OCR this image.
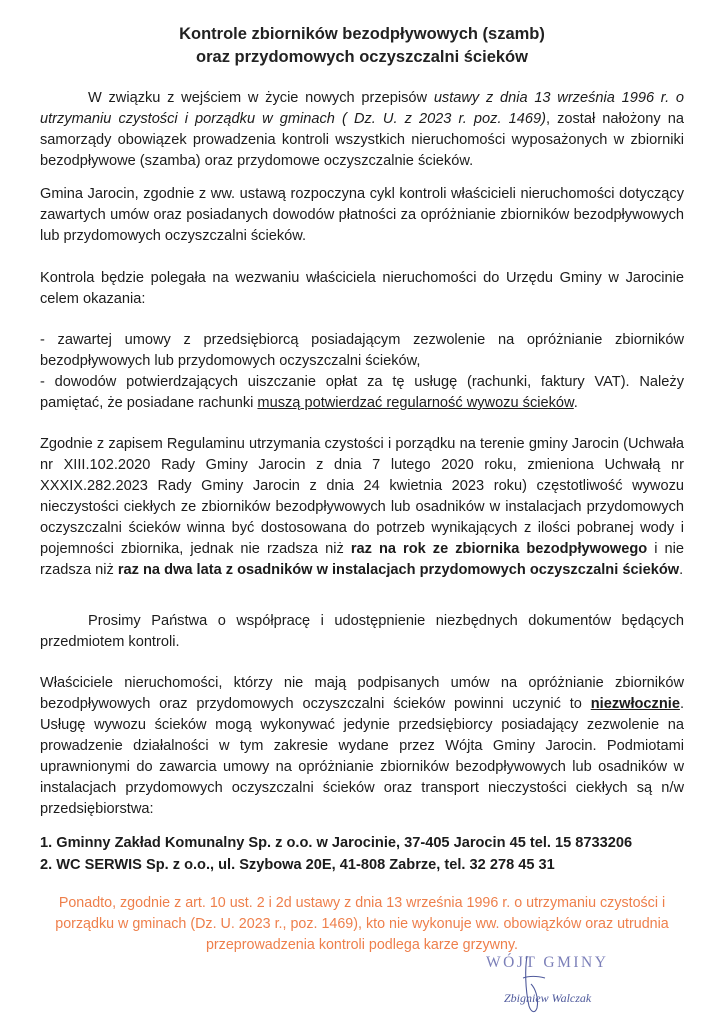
Kontrole zbiorników bezodpływowych (szamb)
oraz przydomowych oczyszczalni ścieków
W związku z wejściem w życie nowych przepisów ustawy z dnia 13 września 1996 r. o utrzymaniu czystości i porządku w gminach ( Dz. U. z 2023 r. poz. 1469), został nałożony na samorządy obowiązek prowadzenia kontroli wszystkich nieruchomości wyposażonych w zbiorniki bezodpływowe (szamba) oraz przydomowe oczyszczalnie ścieków.
Gmina Jarocin, zgodnie z ww. ustawą rozpoczyna cykl kontroli właścicieli nieruchomości dotyczący zawartych umów oraz posiadanych dowodów płatności za opróżnianie zbiorników bezodpływowych lub przydomowych oczyszczalni ścieków.
Kontrola będzie polegała na wezwaniu właściciela nieruchomości do Urzędu Gminy w Jarocinie celem okazania:
- zawartej umowy z przedsiębiorcą posiadającym zezwolenie na opróżnianie zbiorników bezodpływowych lub przydomowych oczyszczalni ścieków,
- dowodów potwierdzających uiszczanie opłat za tę usługę (rachunki, faktury VAT). Należy pamiętać, że posiadane rachunki muszą potwierdzać regularność wywozu ścieków.
Zgodnie z zapisem Regulaminu utrzymania czystości i porządku na terenie gminy Jarocin (Uchwała nr XIII.102.2020 Rady Gminy Jarocin z dnia 7 lutego 2020 roku, zmieniona Uchwałą nr XXXIX.282.2023 Rady Gminy Jarocin z dnia 24 kwietnia 2023 roku) częstotliwość wywozu nieczystości ciekłych ze zbiorników bezodpływowych lub osadników w instalacjach przydomowych oczyszczalni ścieków winna być dostosowana do potrzeb wynikających z ilości pobranej wody i pojemności zbiornika, jednak nie rzadsza niż raz na rok ze zbiornika bezodpływowego i nie rzadsza niż raz na dwa lata z osadników w instalacjach przydomowych oczyszczalni ścieków.
Prosimy Państwa o współpracę i udostępnienie niezbędnych dokumentów będących przedmiotem kontroli.
Właściciele nieruchomości, którzy nie mają podpisanych umów na opróżnianie zbiorników bezodpływowych oraz przydomowych oczyszczalni ścieków powinni uczynić to niezwłocznie. Usługę wywozu ścieków mogą wykonywać jedynie przedsiębiorcy posiadający zezwolenie na prowadzenie działalności w tym zakresie wydane przez Wójta Gminy Jarocin. Podmiotami uprawnionymi do zawarcia umowy na opróżnianie zbiorników bezodpływowych lub osadników w instalacjach przydomowych oczyszczalni ścieków oraz transport nieczystości ciekłych są n/w przedsiębiorstwa:
1. Gminny Zakład Komunalny Sp. z o.o. w Jarocinie, 37-405 Jarocin 45 tel. 15 8733206
2. WC SERWIS Sp. z o.o., ul. Szybowa 20E, 41-808 Zabrze, tel. 32 278 45 31
Ponadto, zgodnie z art. 10 ust. 2 i 2d ustawy z dnia 13 września 1996 r. o utrzymaniu czystości i porządku w gminach (Dz. U. 2023 r., poz. 1469), kto nie wykonuje ww. obowiązków oraz utrudnia przeprowadzenia kontroli podlega karze grzywny.
WÓJT GMINY
Zbigniew Walczak
